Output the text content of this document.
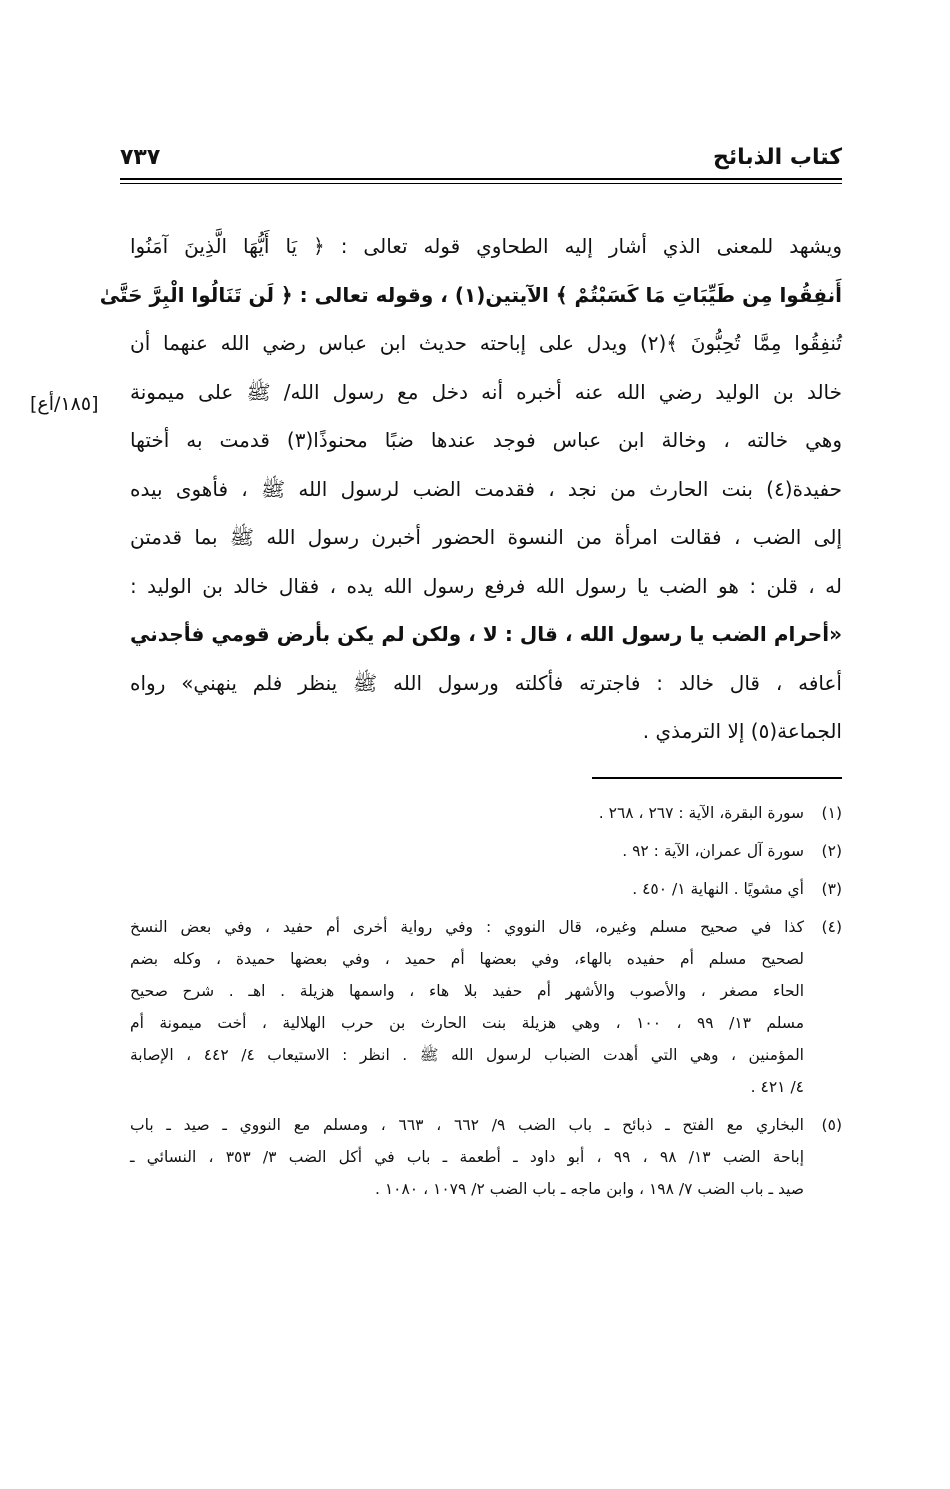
كتاب الذبائح
٧٣٧
[١٨٥/أع]

ويشهد للمعنى الذي أشار إليه الطحاوي قوله تعالى : ﴿ يَا أَيُّهَا الَّذِينَ آمَنُوا
أَنفِقُوا مِن طَيِّبَاتِ مَا كَسَبْتُمْ ﴾ الآيتين(١) ، وقوله تعالى : ﴿ لَن تَنَالُوا الْبِرَّ حَتَّىٰ
تُنفِقُوا مِمَّا تُحِبُّونَ ﴾(٢) ويدل على إباحته حديث ابن عباس رضي الله عنهما أن
خالد بن الوليد رضي الله عنه أخبره أنه دخل مع رسول الله/ ﷺ على ميمونة
وهي خالته ، وخالة ابن عباس فوجد عندها ضبًا محنوذًا(٣) قدمت به أختها
حفيدة(٤) بنت الحارث من نجد ، فقدمت الضب لرسول الله ﷺ ، فأهوى بيده
إلى الضب ، فقالت امرأة من النسوة الحضور أخبرن رسول الله ﷺ بما قدمتن
له ، قلن : هو الضب يا رسول الله فرفع رسول الله يده ، فقال خالد بن الوليد :
«أحرام الضب يا رسول الله ، قال : لا ، ولكن لم يكن بأرض قومي فأجدني
أعافه ، قال خالد : فاجترته فأكلته ورسول الله ﷺ ينظر فلم ينهني» رواه
الجماعة(٥) إلا الترمذي .

(١)
سورة البقرة، الآية : ٢٦٧ ، ٢٦٨ .
(٢)
سورة آل عمران، الآية : ٩٢ .
(٣)
أي مشويًا . النهاية ١/ ٤٥٠ .
(٤)
كذا في صحيح مسلم وغيره، قال النووي : وفي رواية أخرى أم حفيد ، وفي بعض النسخ
لصحيح مسلم أم حفيده بالهاء، وفي بعضها أم حميد ، وفي بعضها حميدة ، وكله بضم
الحاء مصغر ، والأصوب والأشهر أم حفيد بلا هاء ، واسمها هزيلة . اهـ . شرح صحيح
مسلم ١٣/ ٩٩ ، ١٠٠ ، وهي هزيلة بنت الحارث بن حرب الهلالية ، أخت ميمونة أم
المؤمنين ، وهي التي أهدت الضباب لرسول الله ﷺ . انظر : الاستيعاب ٤/ ٤٤٢ ، الإصابة
٤/ ٤٢١ .
(٥)
البخاري مع الفتح ـ ذبائح ـ باب الضب ٩/ ٦٦٢ ، ٦٦٣ ، ومسلم مع النووي ـ صيد ـ باب
إباحة الضب ١٣/ ٩٨ ، ٩٩ ، أبو داود ـ أطعمة ـ باب في أكل الضب ٣/ ٣٥٣ ، النسائي ـ
صيد ـ باب الضب ٧/ ١٩٨ ، وابن ماجه ـ باب الضب ٢/ ١٠٧٩ ، ١٠٨٠ .
